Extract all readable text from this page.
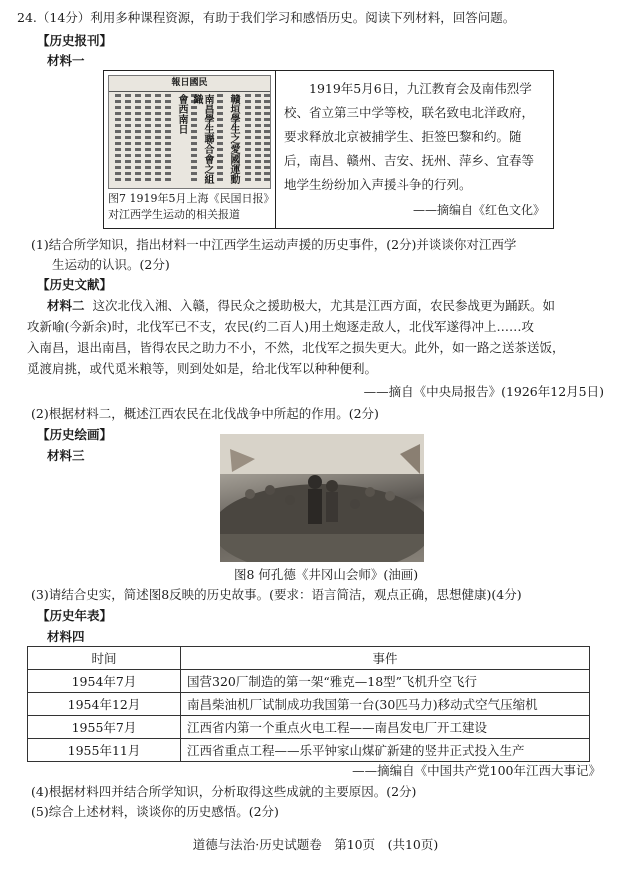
24.（14分）利用多种课程资源，有助于我们学习和感悟历史。阅读下列材料，回答问题。
【历史报刊】
材料一
報日國民
會西南日 南昌學生聯合會之組織	贛垣學生之愛國運動
图7 1919年5月上海《民国日报》对江西学生运动的相关报道
1919年5月6日，九江教育会及南伟烈学校、省立第三中学等校，联名致电北洋政府，要求释放北京被捕学生、拒签巴黎和约。随后，南昌、赣州、吉安、抚州、萍乡、宜春等地学生纷纷加入声援斗争的行列。
——摘编自《红色文化》
(1)结合所学知识，指出材料一中江西学生运动声援的历史事件，(2分)并谈谈你对江西学
生运动的认识。(2分)
【历史文献】
材料二 这次北伐入湘、入赣，得民众之援助极大，尤其是江西方面，农民参战更为踊跃。如
攻新喻(今新余)时，北伐军已不支，农民(约二百人)用土炮逐走敌人，北伐军遂得冲上……攻
入南昌，退出南昌，皆得农民之助力不小，不然，北伐军之损失更大。此外，如一路之送茶送饭，
觅渡肩挑，或代觅米粮等，则到处如是，给北伐军以种种便利。
——摘自《中央局报告》(1926年12月5日)
(2)根据材料二，概述江西农民在北伐战争中所起的作用。(2分)
【历史绘画】
材料三
图8 何孔德《井冈山会师》(油画)
(3)请结合史实，简述图8反映的历史故事。(要求：语言简洁，观点正确，思想健康)(4分)
【历史年表】
材料四
时间	事件
1954年7月	国营320厂制造的第一架“雅克—18型”飞机升空飞行
1954年12月	南昌柴油机厂试制成功我国第一台(30匹马力)移动式空气压缩机
1955年7月	江西省内第一个重点火电工程——南昌发电厂开工建设
1955年11月	江西省重点工程——乐平钟家山煤矿新建的竖井正式投入生产
——摘编自《中国共产党100年江西大事记》
(4)根据材料四并结合所学知识，分析取得这些成就的主要原因。(2分)
(5)综合上述材料，谈谈你的历史感悟。(2分)
道德与法治·历史试题卷　第10页　(共10页)
